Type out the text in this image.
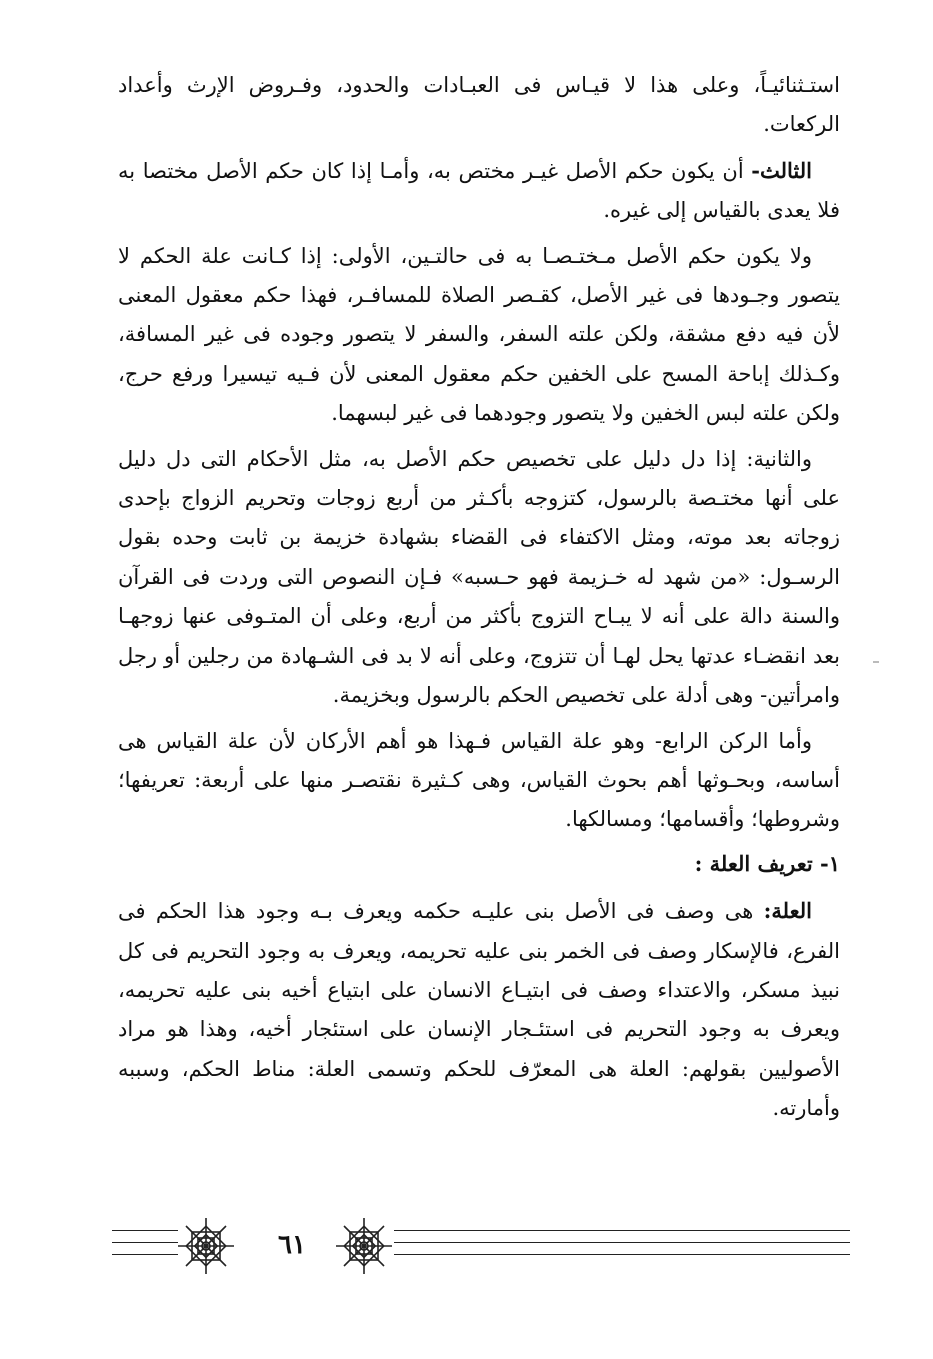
استـثنائيـاً، وعلى هذا لا قيـاس فى العبـادات والحدود، وفـروض الإرث وأعداد الركعات.

الثالث- أن يكون حكم الأصل غيـر مختص به، وأمـا إذا كان حكم الأصل مختصا به فلا يعدى بالقياس إلى غيره.

ولا يكون حكم الأصل مـختـصـا به فى حالتـين، الأولى: إذا كـانت علة الحكم لا يتصور وجـودها فى غير الأصل، كقـصر الصلاة للمسافـر، فهذا حكم معقول المعنى لأن فيه دفع مشقة، ولكن علته السفر، والسفر لا يتصور وجوده فى غير المسافة، وكـذلك إباحة المسح على الخفين حكم معقول المعنى لأن فـيه تيسيرا ورفع حرج، ولكن علته لبس الخفين ولا يتصور وجودهما فى غير لبسهما.

والثانية: إذا دل دليل على تخصيص حكم الأصل به، مثل الأحكام التى دل دليل على أنها مختـصة بالرسول، كتزوجه بأكـثر من أربع زوجات وتحريم الزواج بإحدى زوجاته بعد موته، ومثل الاكتفاء فى القضاء بشهادة خزيمة بن ثابت وحده بقول الرسـول: «من شهد له خـزيمة فهو حـسبه» فـإن النصوص التى وردت فى القرآن والسنة دالة على أنه لا يبـاح التزوج بأكثر من أربع، وعلى أن المتـوفى عنها زوجهـا بعد انقضـاء عدتها يحل لهـا أن تتزوج، وعلى أنه لا بد فى الشـهادة من رجلين أو رجل وامرأتين- وهى أدلة على تخصيص الحكم بالرسول وبخزيمة.

وأما الركن الرابع- وهو علة القياس فـهذا هو أهم الأركان لأن علة القياس هى أساسه، وبحـوثها أهم بحوث القياس، وهى كـثيرة نقتصـر منها على أربعة: تعريفها؛ وشروطها؛ وأقسامها؛ ومسالكها.

١- تعريف العلة :

العلة: هى وصف فى الأصل بنى عليـه حكمه ويعرف بـه وجود هذا الحكم فى الفرع، فالإسكار وصف فى الخمر بنى عليه تحريمه، ويعرف به وجود التحريم فى كل نبيذ مسكر، والاعتداء وصف فى ابتيـاع الانسان على ابتياع أخيه بنى عليه تحريمه، ويعرف به وجود التحريم فى استئـجار الإنسان على استئجار أخيه، وهذا هو مراد الأصوليين بقولهم: العلة هى المعرّف للحكم وتسمى العلة: مناط الحكم، وسببه وأمارته.

٦١
